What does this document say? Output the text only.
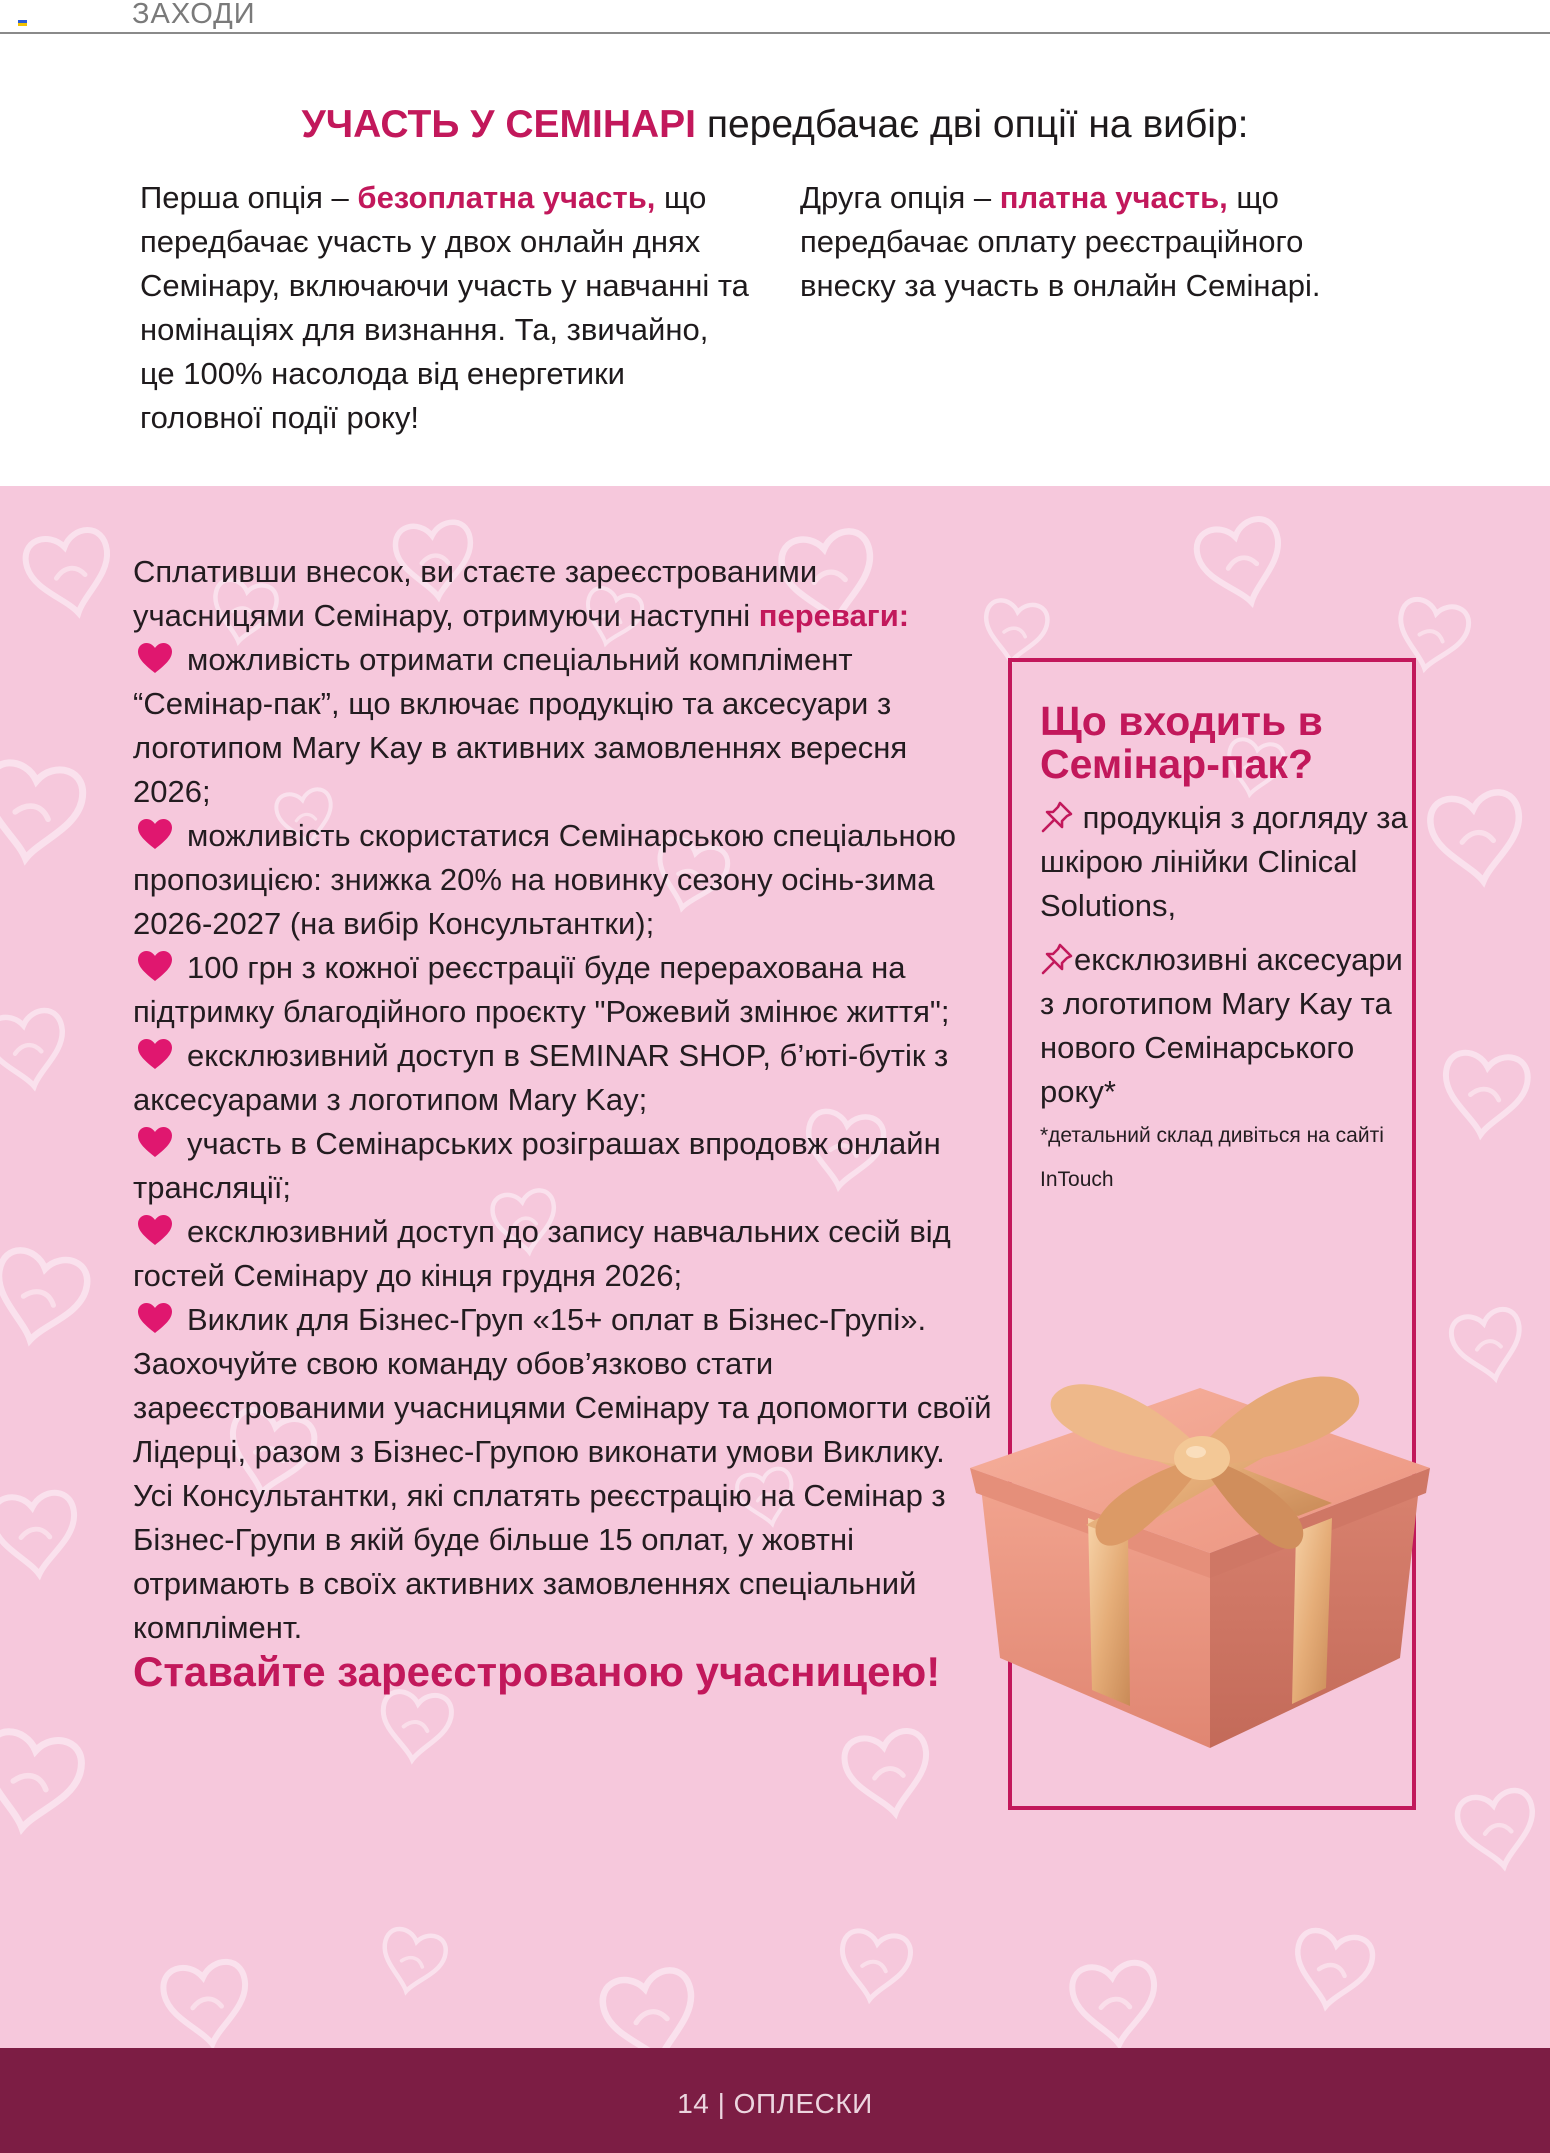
ЗАХОДИ
УЧАСТЬ У СЕМІНАРІ передбачає дві опції на вибір:
Перша опція – безоплатна участь, що передбачає участь у двох онлайн днях Семінару, включаючи участь у навчанні та номінаціях для визнання. Та, звичайно, це 100% насолода від енергетики головної події року!
Друга опція – платна участь, що передбачає оплату реєстраційного внеску за участь в онлайн Семінарі.

Сплативши внесок, ви стаєте зареєстрованими учасницями Семінару, отримуючи наступні переваги:

можливість отримати спеціальний комплімент “Семінар-пак”, що включає продукцію та аксесуари з логотипом Mary Kay в активних замовленнях вересня 2026;

можливість скористатися Семінарською спеціальною пропозицією: знижка 20% на новинку сезону осінь-зима 2026-2027 (на вибір Консультантки);

100 грн з кожної реєстрації буде перерахована на підтримку благодійного проєкту "Рожевий змінює життя";

ексклюзивний доступ в SEMINAR SHOP, б’юті-бутік з аксесуарами з логотипом Mary Kay;

участь в Семінарських розіграшах впродовж онлайн трансляції;

ексклюзивний доступ до запису навчальних сесій від гостей Семінару до кінця грудня 2026;

Виклик для Бізнес-Груп «15+ оплат в Бізнес-Групі».

Заохочуйте свою команду обов’язково стати зареєстрованими учасницями Семінару та допомогти своїй Лідерці, разом з Бізнес-Групою виконати умови Виклику. Усі Консультантки, які сплатять реєстрацію на Семінар з Бізнес-Групи в якій буде більше 15 оплат, у жовтні отримають в своїх активних замовленнях спеціальний комплімент.

Ставайте зареєстрованою учасницею!

Що входить в Семінар-пак?

продукція з догляду за шкірою лінійки Clinical Solutions,

ексклюзивні аксесуари з логотипом Mary Kay та нового Семінарського року*

*детальний склад дивіться на сайті InTouch

14 | ОПЛЕСКИ
